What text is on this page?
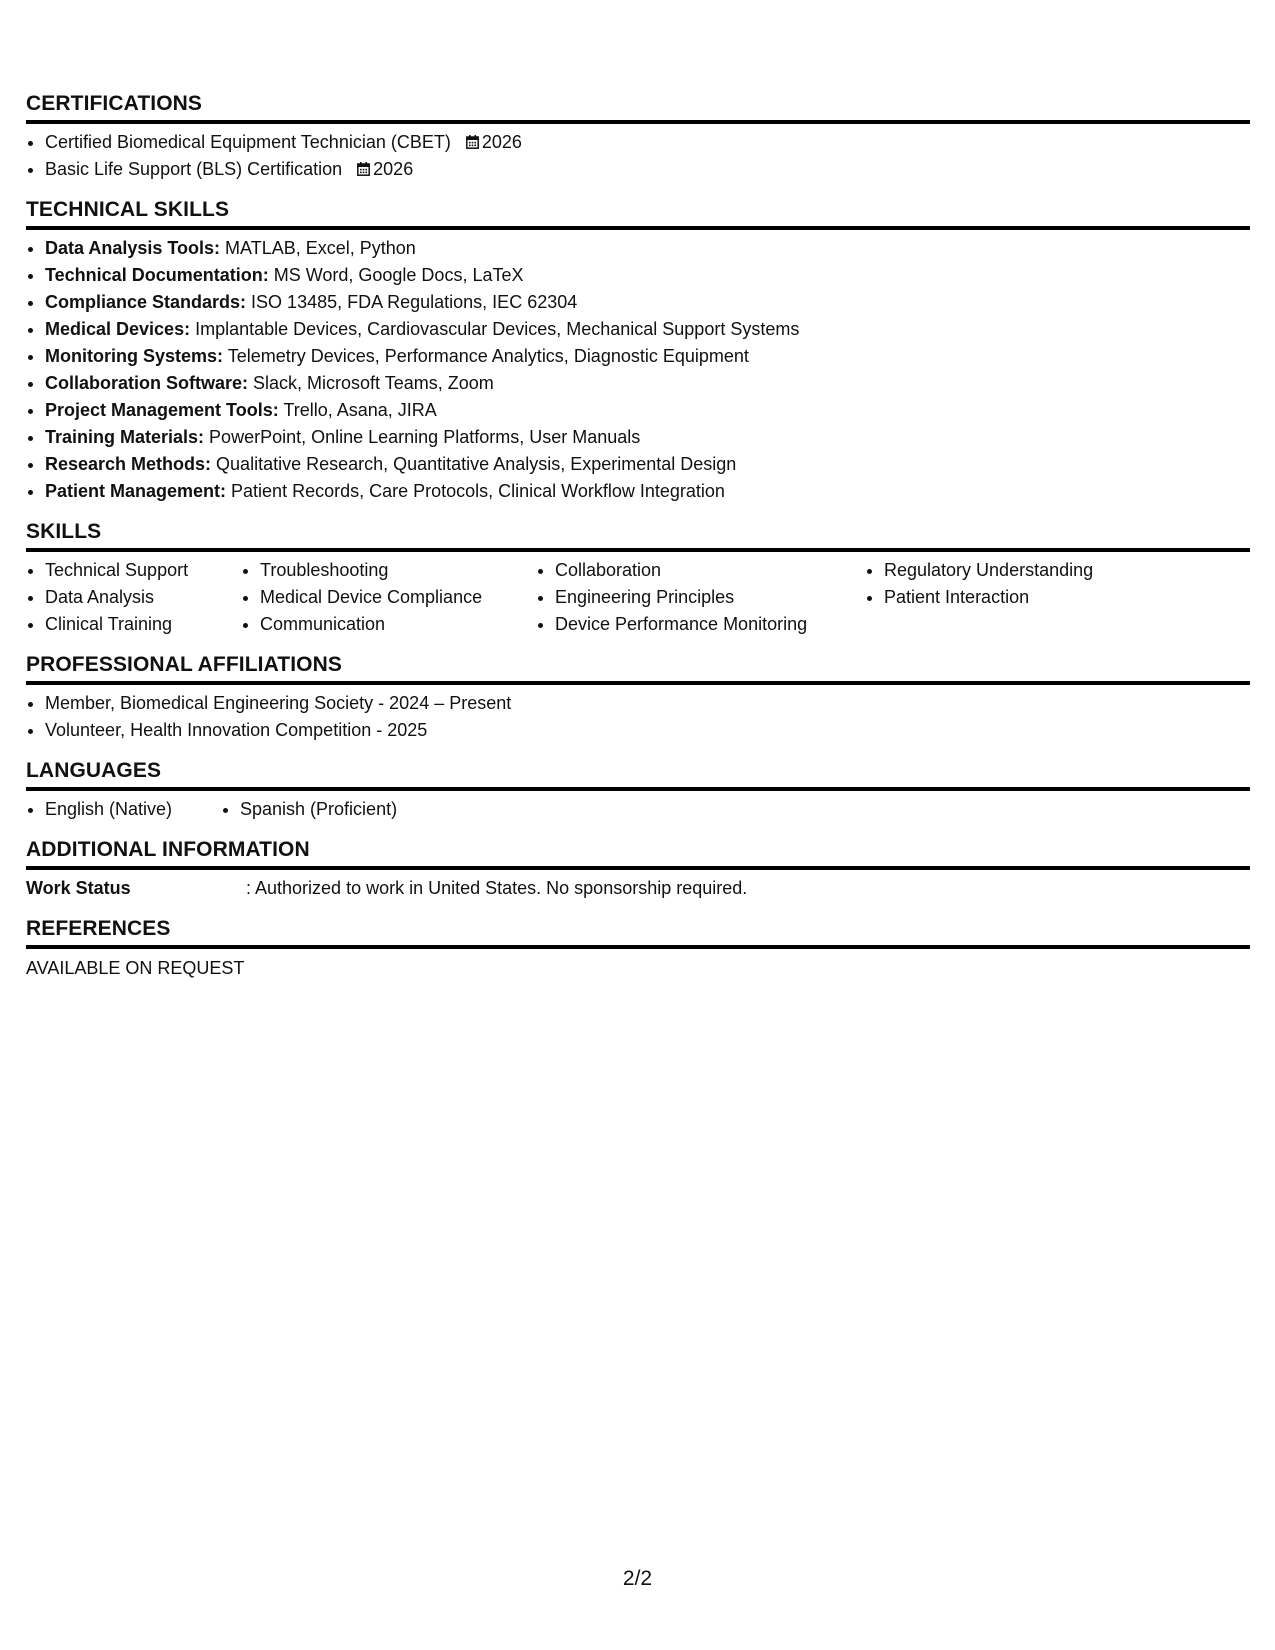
CERTIFICATIONS
• Certified Biomedical Equipment Technician (CBET) 2026
• Basic Life Support (BLS) Certification 2026
TECHNICAL SKILLS
• Data Analysis Tools: MATLAB, Excel, Python
• Technical Documentation: MS Word, Google Docs, LaTeX
• Compliance Standards: ISO 13485, FDA Regulations, IEC 62304
• Medical Devices: Implantable Devices, Cardiovascular Devices, Mechanical Support Systems
• Monitoring Systems: Telemetry Devices, Performance Analytics, Diagnostic Equipment
• Collaboration Software: Slack, Microsoft Teams, Zoom
• Project Management Tools: Trello, Asana, JIRA
• Training Materials: PowerPoint, Online Learning Platforms, User Manuals
• Research Methods: Qualitative Research, Quantitative Analysis, Experimental Design
• Patient Management: Patient Records, Care Protocols, Clinical Workflow Integration
SKILLS
• Technical Support
• Data Analysis
• Clinical Training
• Troubleshooting
• Medical Device Compliance
• Communication
• Collaboration
• Engineering Principles
• Device Performance Monitoring
• Regulatory Understanding
• Patient Interaction
PROFESSIONAL AFFILIATIONS
• Member, Biomedical Engineering Society - 2024 – Present
• Volunteer, Health Innovation Competition - 2025
LANGUAGES
• English (Native)
•	Spanish (Proficient)
ADDITIONAL INFORMATION
Work Status	: Authorized to work in United States. No sponsorship required.
REFERENCES
AVAILABLE ON REQUEST
2/2
